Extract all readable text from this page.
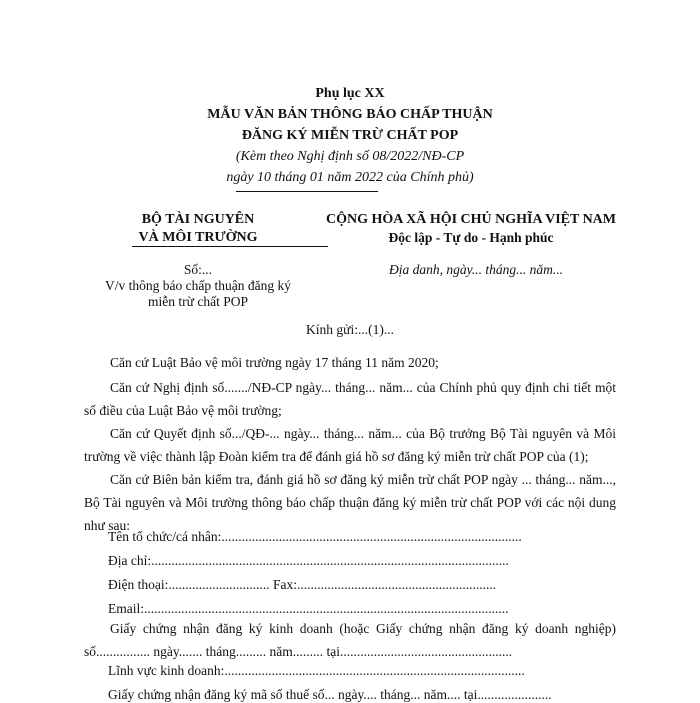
Phụ lục XX
MẪU VĂN BẢN THÔNG BÁO CHẤP THUẬN
ĐĂNG KÝ MIỄN TRỪ CHẤT POP
(Kèm theo Nghị định số 08/2022/NĐ-CP
ngày 10 tháng 01 năm 2022 của Chính phủ)
BỘ TÀI NGUYÊN
VÀ MÔI TRƯỜNG
CỘNG HÒA XÃ HỘI CHỦ NGHĨA VIỆT NAM
Độc lập - Tự do - Hạnh phúc
Số:...
V/v thông báo chấp thuận đăng ký
miễn trừ chất POP
Địa danh, ngày... tháng... năm...
Kính gửi:...(1)...
Căn cứ Luật Bảo vệ môi trường ngày 17 tháng 11 năm 2020;
Căn cứ Nghị định số......./NĐ-CP ngày... tháng... năm... của Chính phủ quy định chi tiết một số điều của Luật Bảo vệ môi trường;
Căn cứ Quyết định số.../QĐ-... ngày... tháng... năm... của Bộ trưởng Bộ Tài nguyên và Môi trường về việc thành lập Đoàn kiểm tra để đánh giá hồ sơ đăng ký miễn trừ chất POP của (1);
Căn cứ Biên bản kiểm tra, đánh giá hồ sơ đăng ký miễn trừ chất POP ngày ... tháng... năm..., Bộ Tài nguyên và Môi trường thông báo chấp thuận đăng ký miễn trừ chất POP với các nội dung như sau:
Tên tổ chức/cá nhân:.........................................................................................
Địa chỉ:..........................................................................................................
Điện thoại:.............................. Fax:...........................................................
Email:............................................................................................................
Giấy chứng nhận đăng ký kinh doanh (hoặc Giấy chứng nhận đăng ký doanh nghiệp) số................ ngày....... tháng......... năm......... tại...................................................
Lĩnh vực kinh doanh:.........................................................................................
Giấy chứng nhận đăng ký mã số thuế số... ngày.... tháng... năm.... tại......................
